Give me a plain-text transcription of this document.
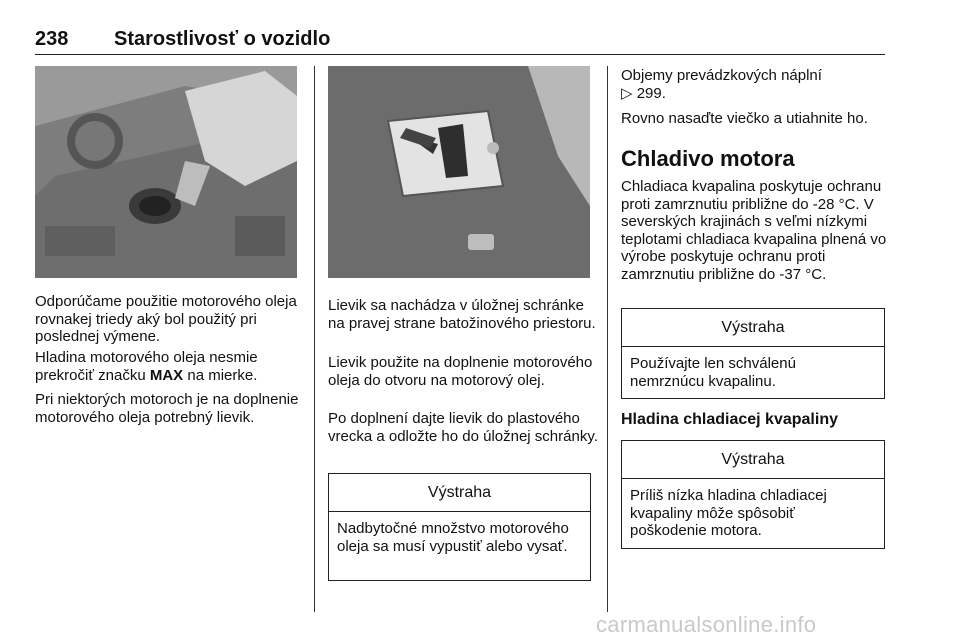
238 Starostlivosť o vozidlo

Odporúčame použitie motorového oleja rovnakej triedy aký bol použitý pri poslednej výmene.

Hladina motorového oleja nesmie prekročiť značku MAX na mierke.

Pri niektorých motoroch je na doplnenie motorového oleja potrebný lievik.

Lievik sa nachádza v úložnej schránke na pravej strane batožinového priestoru.

Lievik použite na doplnenie motorového oleja do otvoru na motorový olej.

Po doplnení dajte lievik do plastového vrecka a odložte ho do úložnej schránky.

Výstraha
Nadbytočné množstvo motorového oleja sa musí vypustiť alebo vysať.

Objemy prevádzkových náplní
▷ 299.

Rovno nasaďte viečko a utiahnite ho.

Chladivo motora

Chladiaca kvapalina poskytuje ochranu proti zamrznutiu približne do -28 °C. V severských krajinách s veľmi nízkymi teplotami chladiaca kvapalina plnená vo výrobe poskytuje ochranu proti zamrznutiu približne do -37 °C.

Výstraha
Používajte len schválenú nemrznúcu kvapalinu.
Hladina chladiacej kvapaliny
Výstraha
Príliš nízka hladina chladiacej kvapaliny môže spôsobiť poškodenie motora.
carmanualsonline.info
